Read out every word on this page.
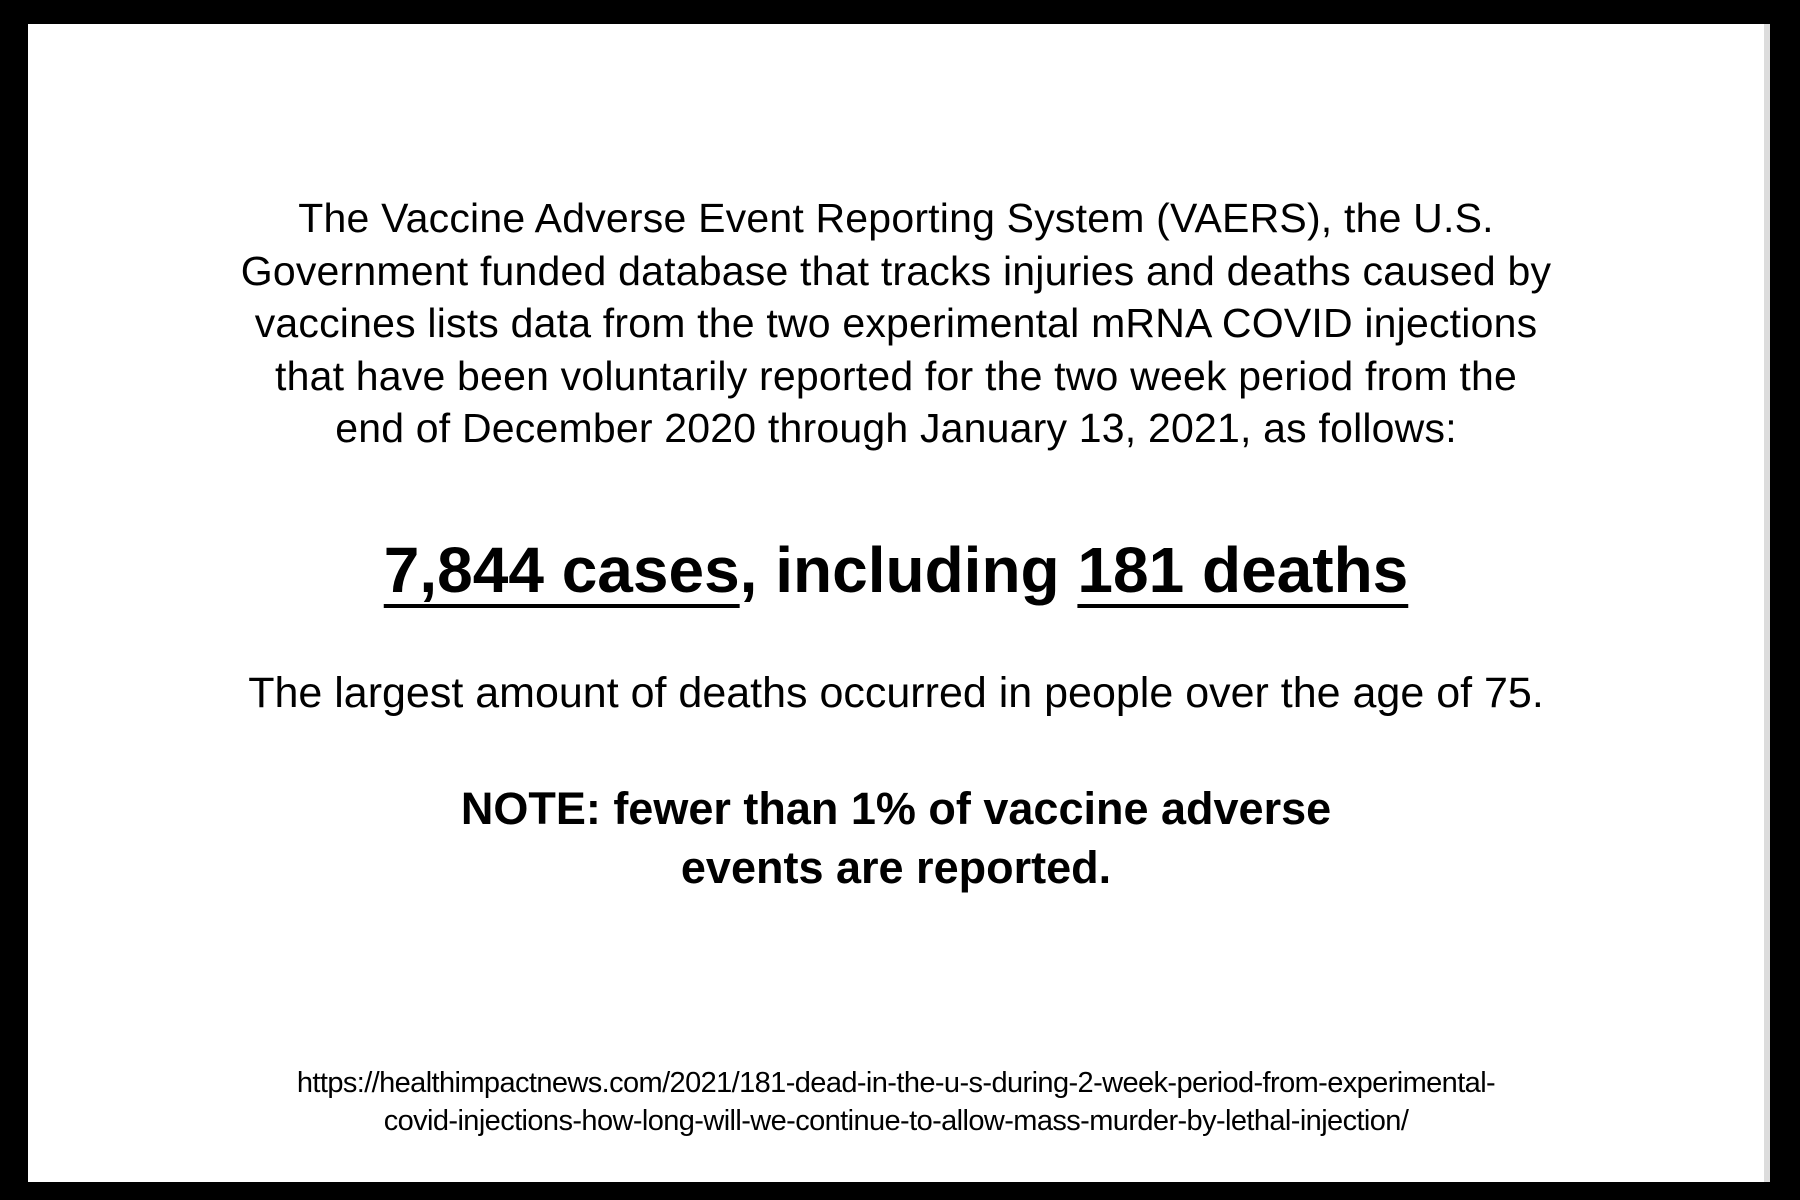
The Vaccine Adverse Event Reporting System (VAERS), the U.S.
Government funded database that tracks injuries and deaths caused by
vaccines lists data from the two experimental mRNA COVID injections
that have been voluntarily reported for the two week period from the
end of December 2020 through January 13, 2021, as follows:
7,844 cases, including 181 deaths
The largest amount of deaths occurred in people over the age of 75.
NOTE: fewer than 1% of vaccine adverse
events are reported.
https://healthimpactnews.com/2021/181-dead-in-the-u-s-during-2-week-period-from-experimental-
covid-injections-how-long-will-we-continue-to-allow-mass-murder-by-lethal-injection/
